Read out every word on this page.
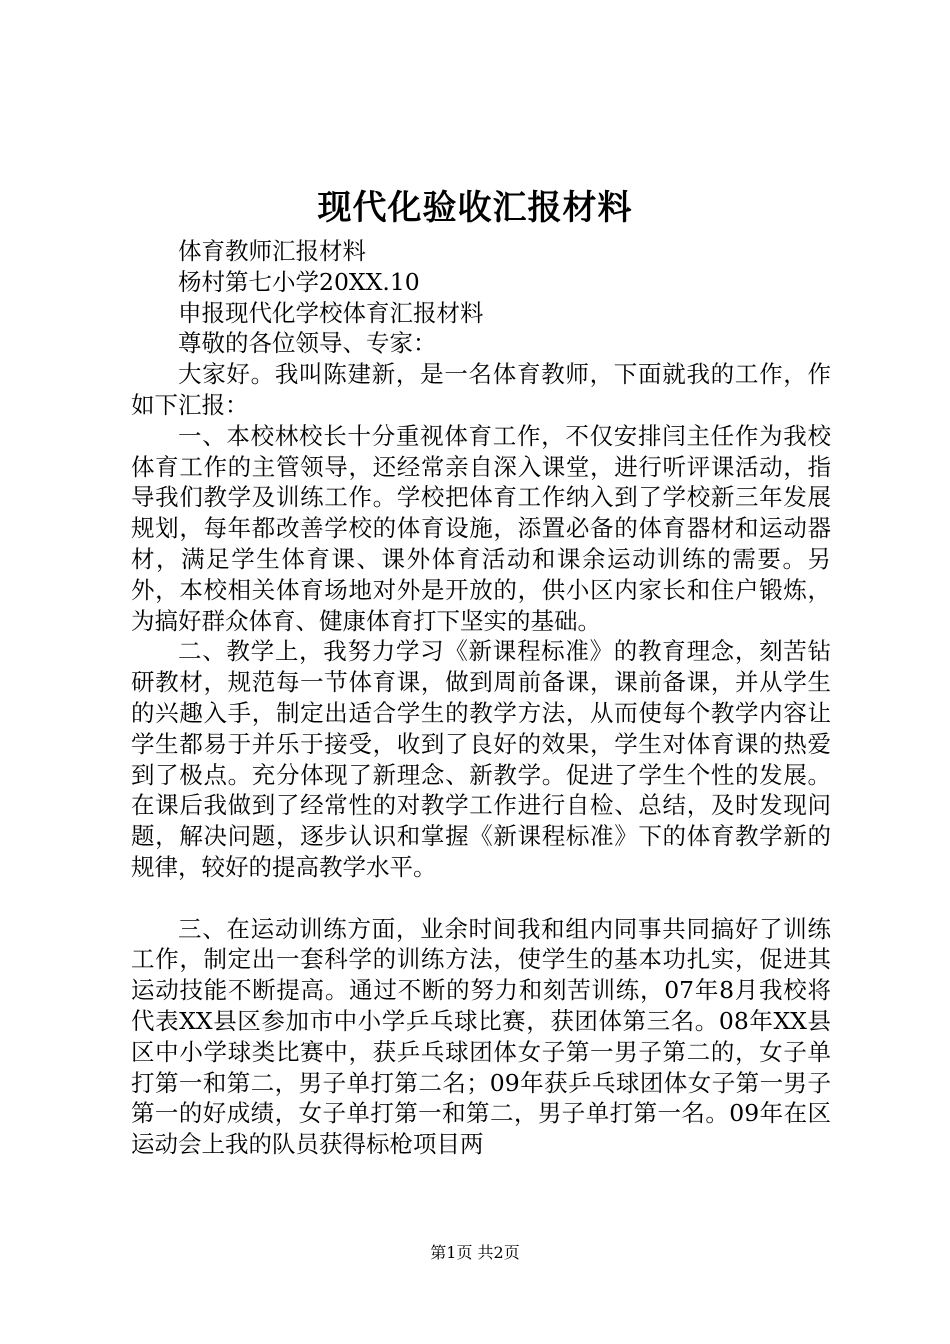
现代化验收汇报材料

体育教师汇报材料

杨村第七小学20XX.10

申报现代化学校体育汇报材料

尊敬的各位领导、专家：

大家好。我叫陈建新，是一名体育教师，下面就我的工作，作如下汇报：

一、本校林校长十分重视体育工作，不仅安排闫主任作为我校体育工作的主管领导，还经常亲自深入课堂，进行听评课活动，指导我们教学及训练工作。学校把体育工作纳入到了学校新三年发展规划，每年都改善学校的体育设施，添置必备的体育器材和运动器材，满足学生体育课、课外体育活动和课余运动训练的需要。另外，本校相关体育场地对外是开放的，供小区内家长和住户锻炼，为搞好群众体育、健康体育打下坚实的基础。

二、教学上，我努力学习《新课程标准》的教育理念，刻苦钻研教材，规范每一节体育课，做到周前备课，课前备课，并从学生的兴趣入手，制定出适合学生的教学方法，从而使每个教学内容让学生都易于并乐于接受，收到了良好的效果，学生对体育课的热爱到了极点。充分体现了新理念、新教学。促进了学生个性的发展。在课后我做到了经常性的对教学工作进行自检、总结，及时发现问题，解决问题，逐步认识和掌握《新课程标准》下的体育教学新的规律，较好的提高教学水平。

三、在运动训练方面，业余时间我和组内同事共同搞好了训练工作，制定出一套科学的训练方法，使学生的基本功扎实，促进其运动技能不断提高。通过不断的努力和刻苦训练，07年8月我校将代表XX县区参加市中小学乒乓球比赛，获团体第三名。08年XX县区中小学球类比赛中，获乒乓球团体女子第一男子第二的，女子单打第一和第二，男子单打第二名；09年获乒乓球团体女子第一男子第一的好成绩，女子单打第一和第二，男子单打第一名。09年在区运动会上我的队员获得标枪项目两

第1页 共2页
